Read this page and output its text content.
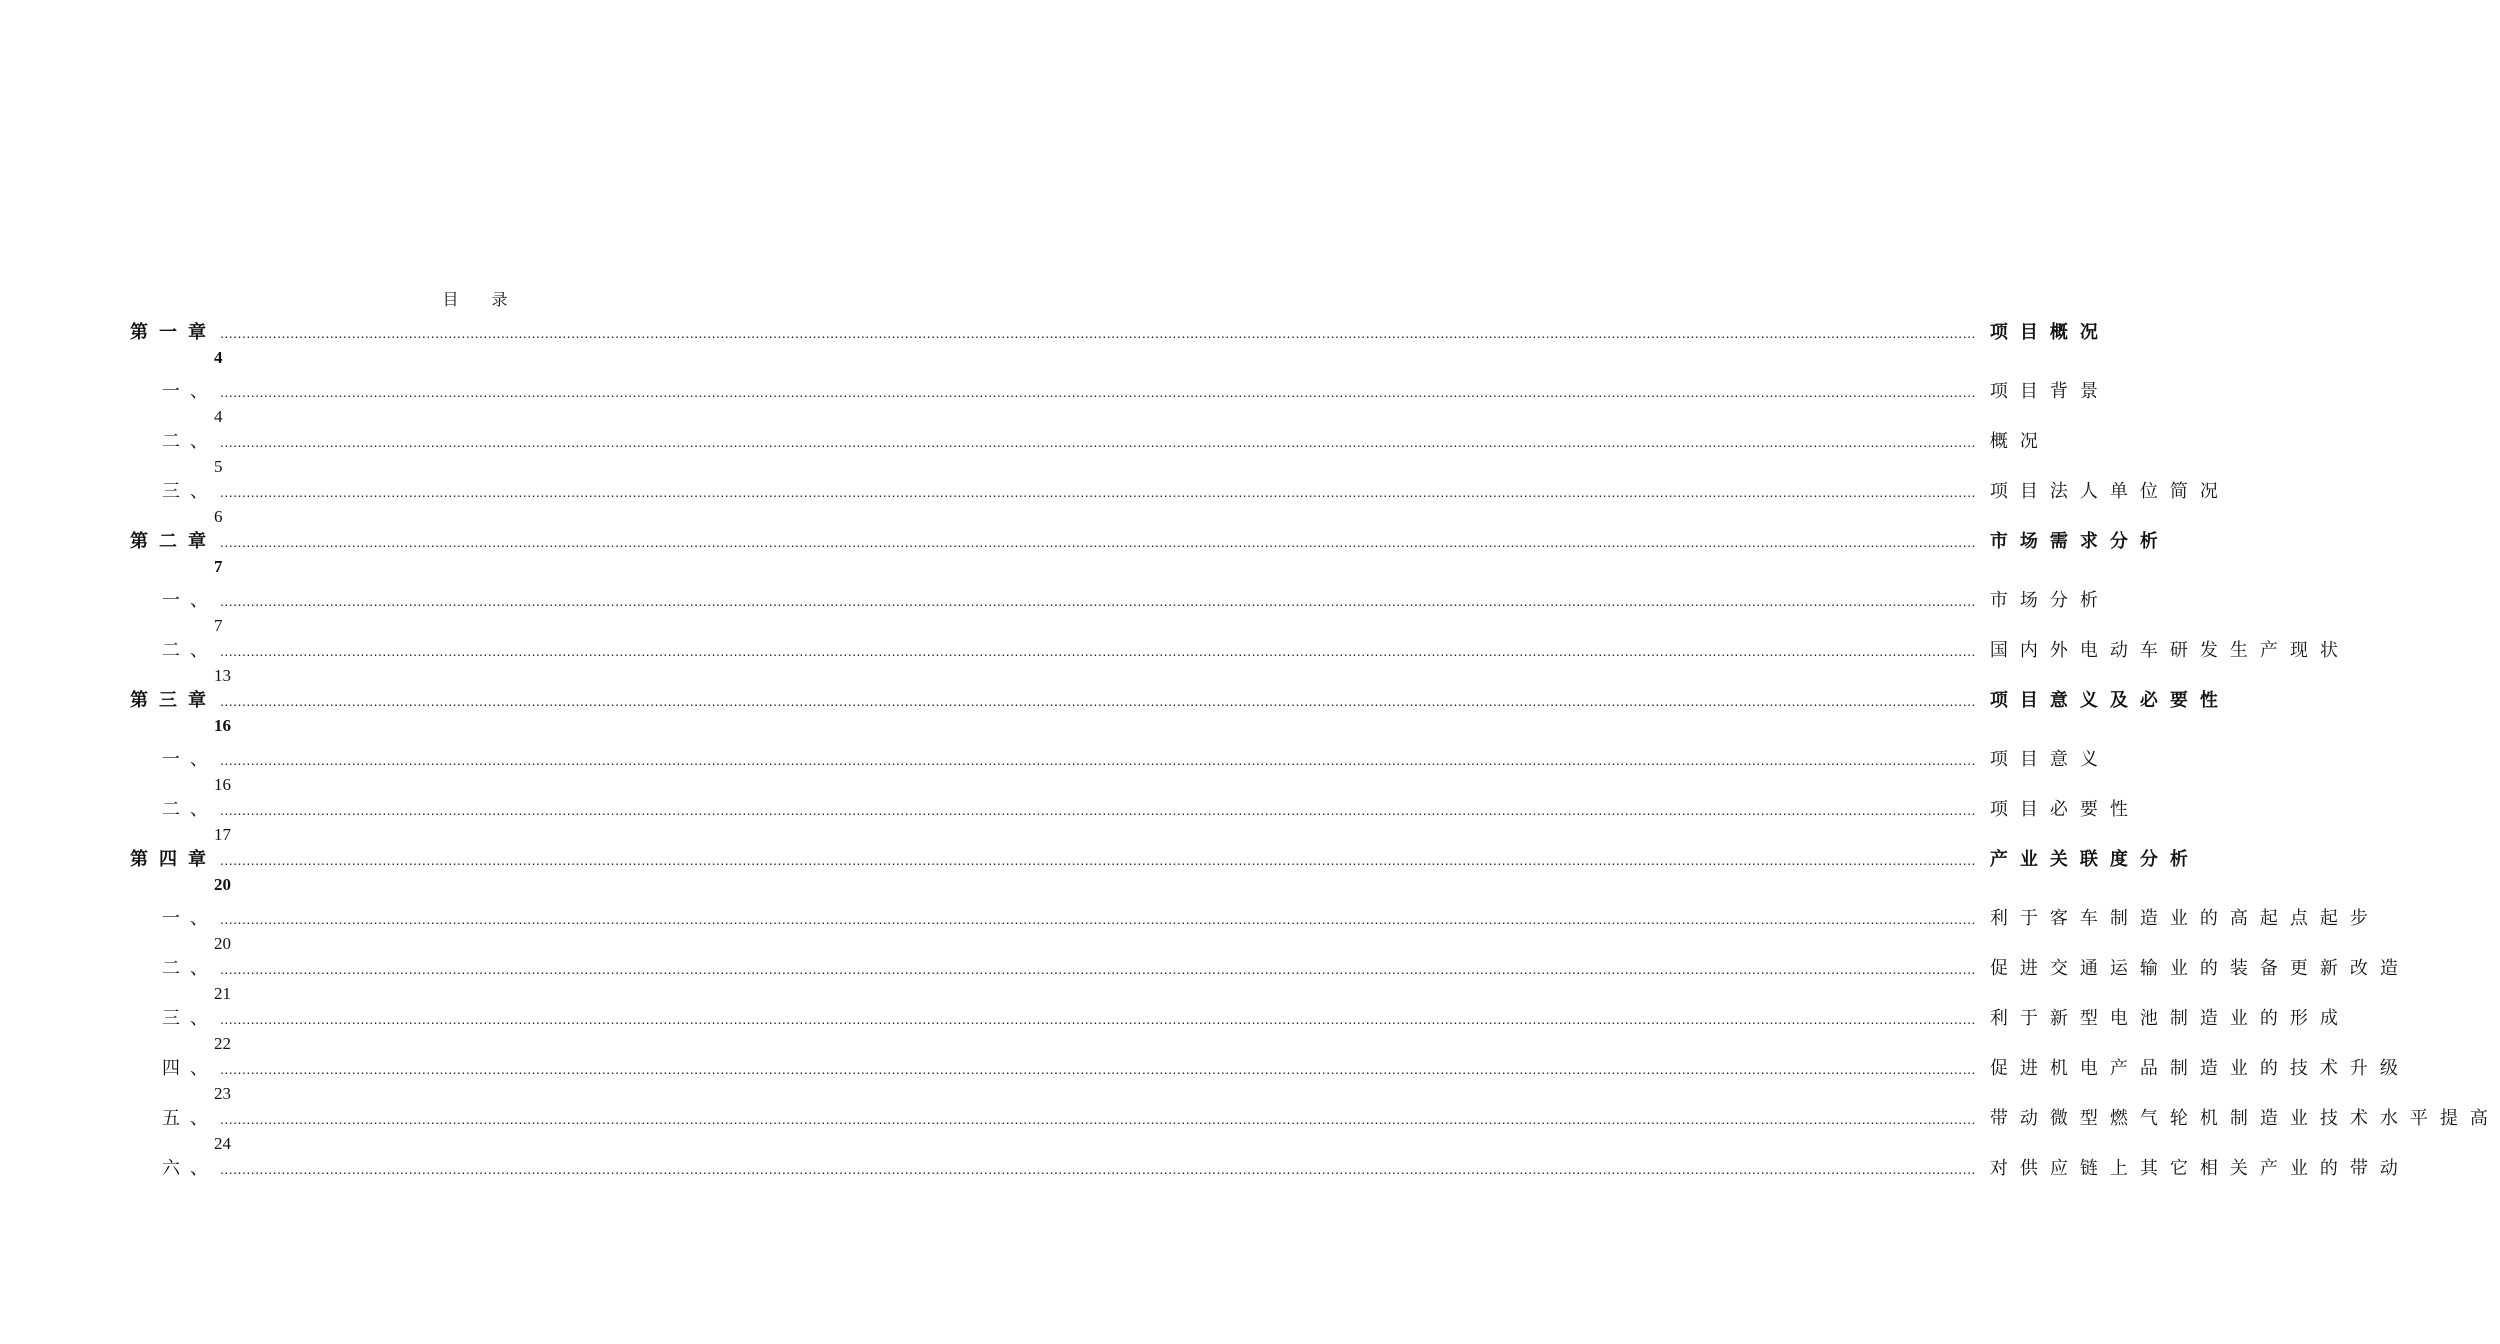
目 录
第一章 ................................................................................................................................................................................................................................................................................................................................................................................................................ 项目概况
4
一、 ................................................................................................................................................................................................................................................................................................................................................................................................................ 项目背景
4
二、 ................................................................................................................................................................................................................................................................................................................................................................................................................ 概况
5
三、 ................................................................................................................................................................................................................................................................................................................................................................................................................ 项目法人单位简况
6
第二章 ................................................................................................................................................................................................................................................................................................................................................................................................................ 市场需求分析
7
一、 ................................................................................................................................................................................................................................................................................................................................................................................................................ 市场分析
7
二、 ................................................................................................................................................................................................................................................................................................................................................................................................................ 国内外电动车研发生产现状
13
第三章 ................................................................................................................................................................................................................................................................................................................................................................................................................ 项目意义及必要性
16
一、 ................................................................................................................................................................................................................................................................................................................................................................................................................ 项目意义
16
二、 ................................................................................................................................................................................................................................................................................................................................................................................................................ 项目必要性
17
第四章 ................................................................................................................................................................................................................................................................................................................................................................................................................ 产业关联度分析
20
一、 ................................................................................................................................................................................................................................................................................................................................................................................................................ 利于客车制造业的高起点起步
20
二、 ................................................................................................................................................................................................................................................................................................................................................................................................................ 促进交通运输业的装备更新改造
21
三、 ................................................................................................................................................................................................................................................................................................................................................................................................................ 利于新型电池制造业的形成
22
四、 ................................................................................................................................................................................................................................................................................................................................................................................................................ 促进机电产品制造业的技术升级
23
五、 ................................................................................................................................................................................................................................................................................................................................................................................................................ 带动微型燃气轮机制造业技术水平提高
24
六、 ................................................................................................................................................................................................................................................................................................................................................................................................................ 对供应链上其它相关产业的带动
